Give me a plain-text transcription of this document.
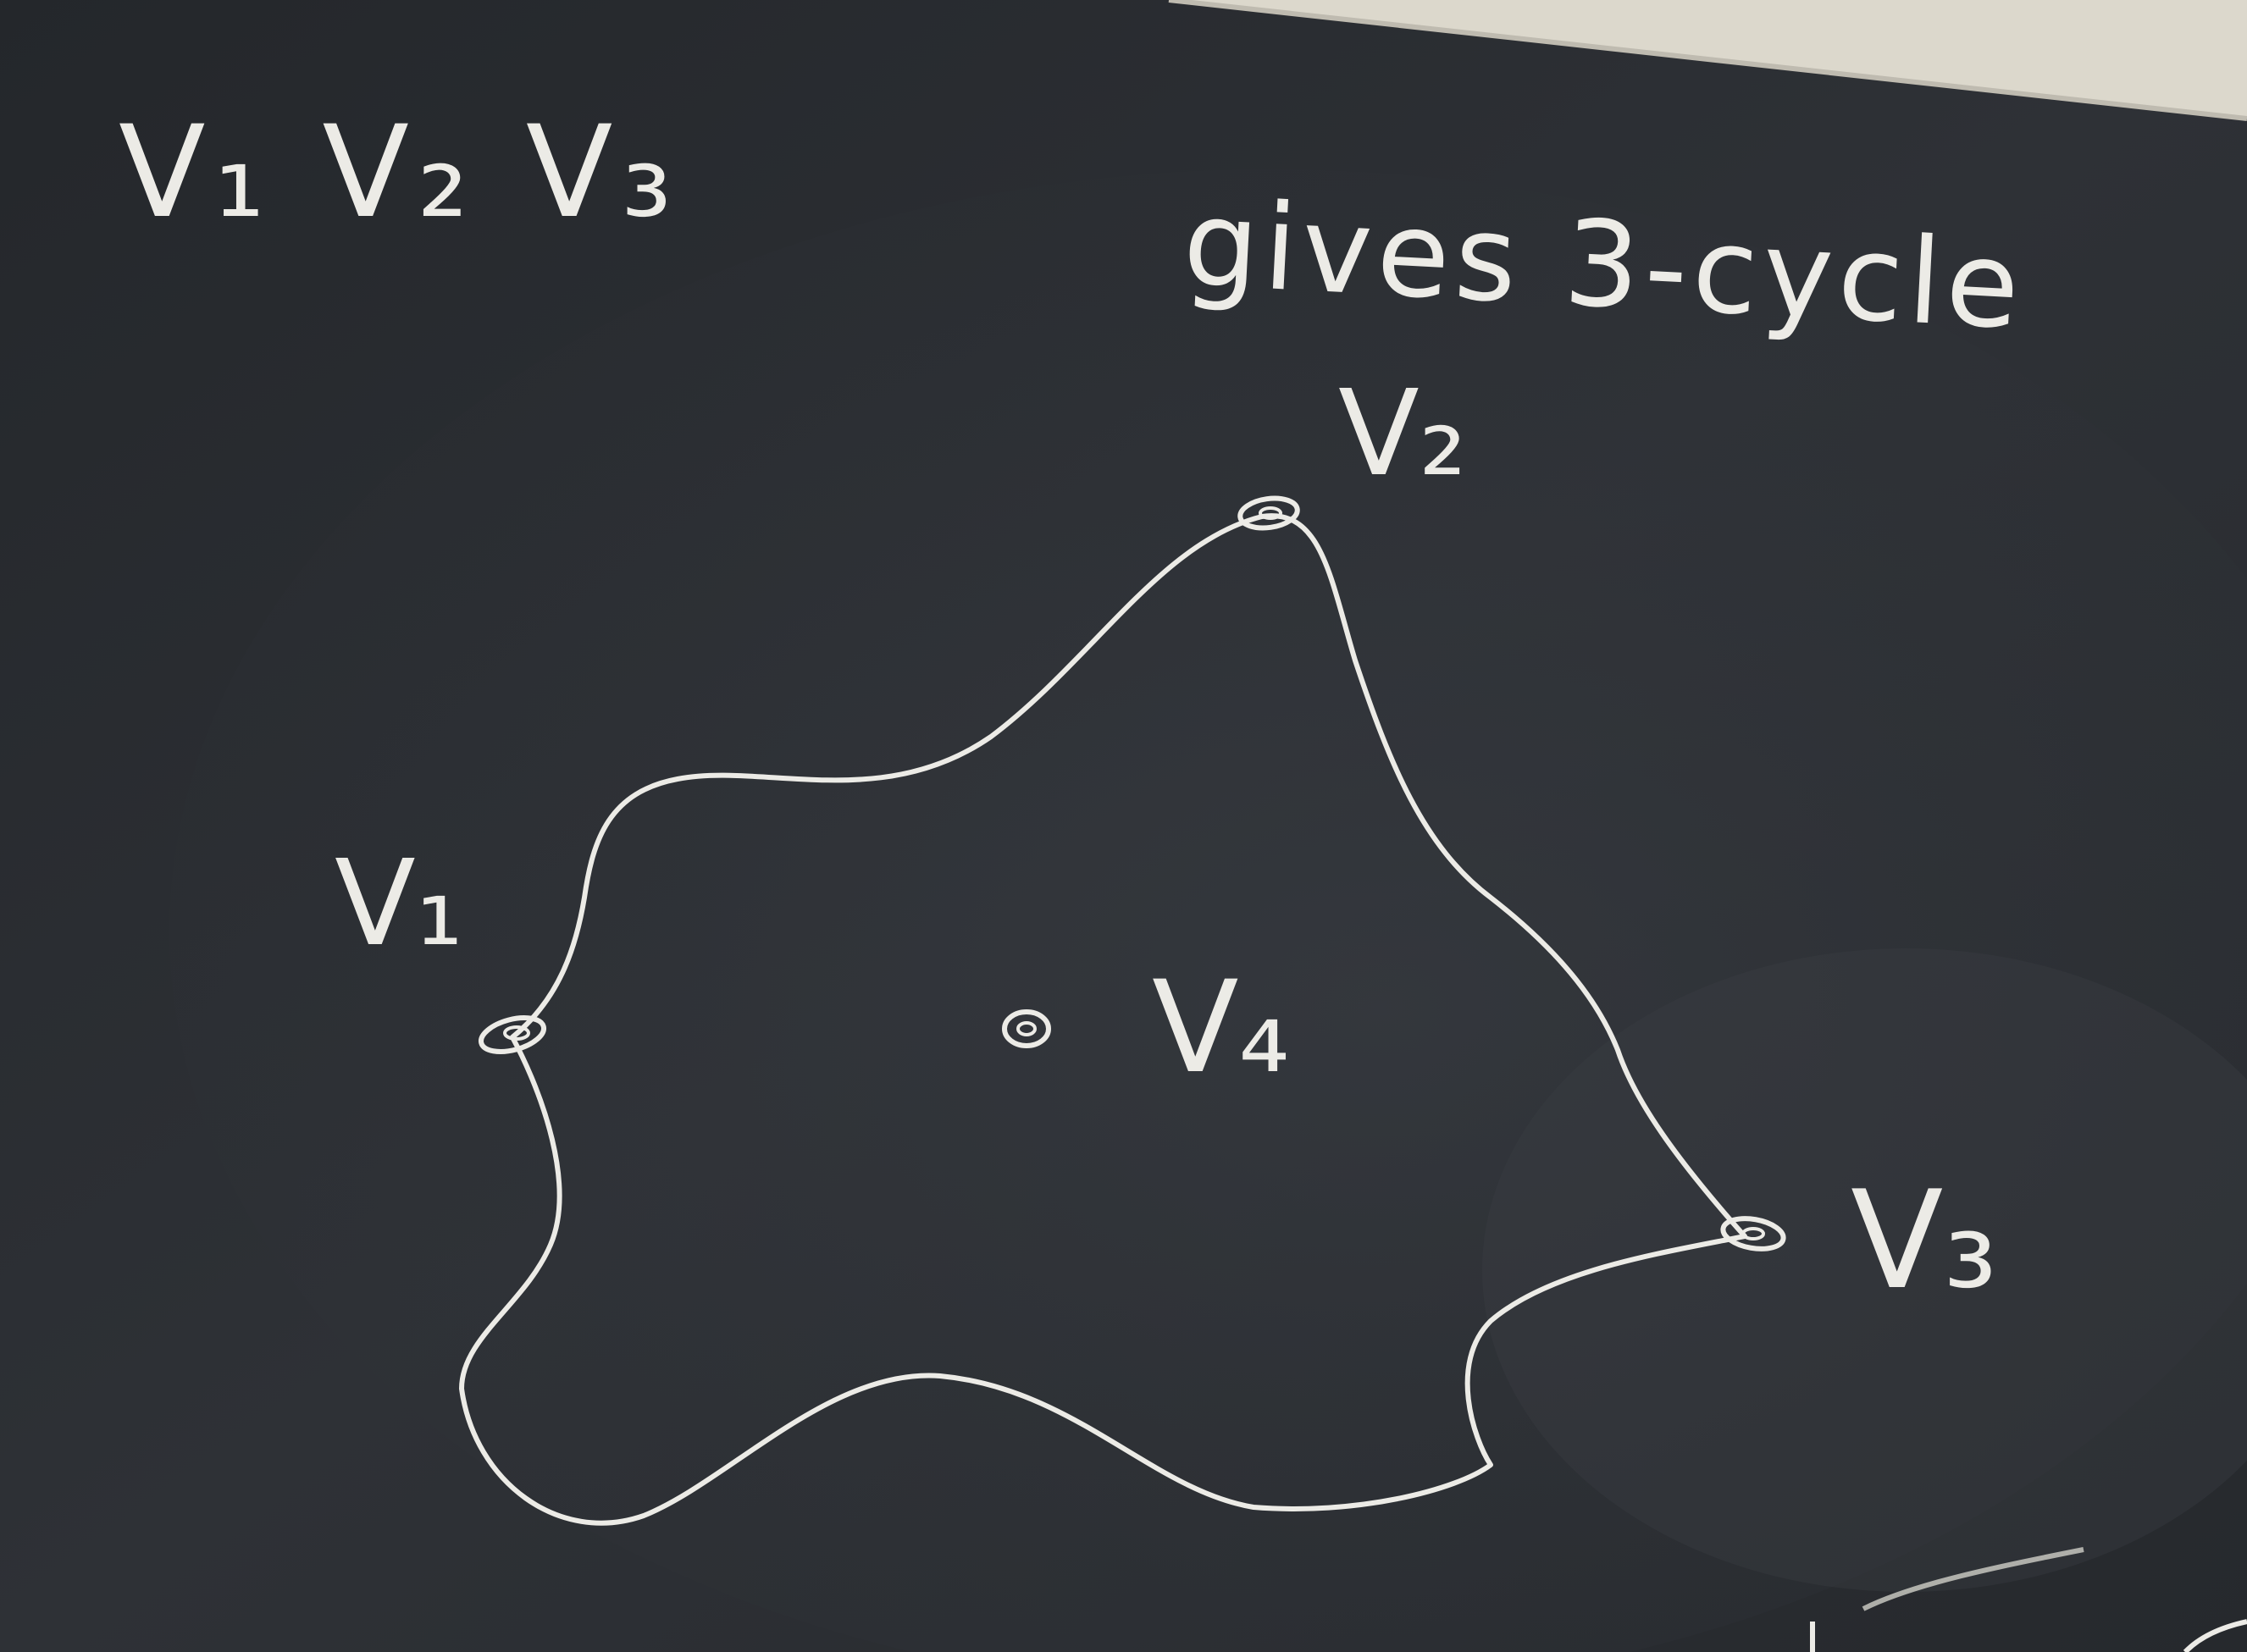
V₁ V₂ V₃
gives 3-cycle
V₁
V₂
V₃
V₄
